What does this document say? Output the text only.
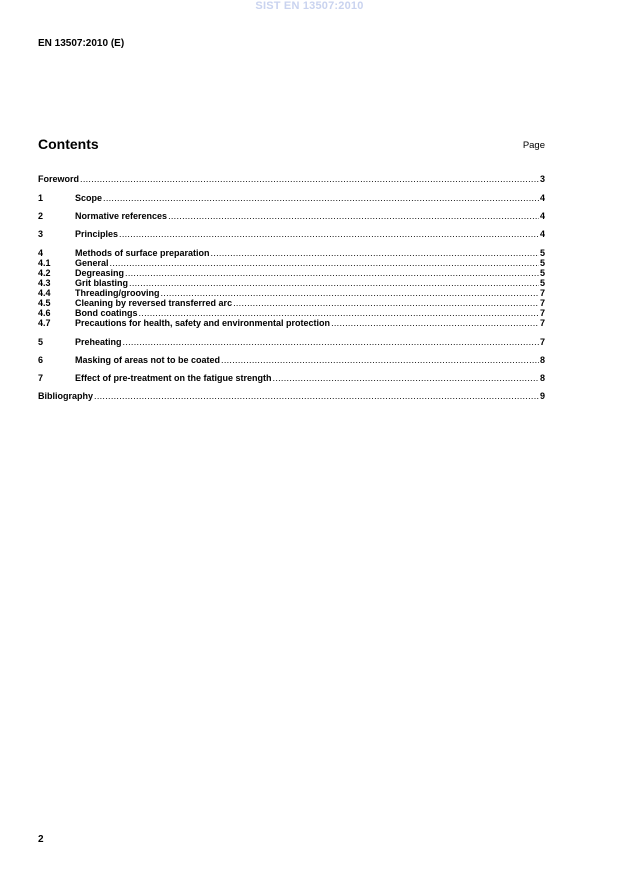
SIST EN 13507:2010
EN 13507:2010 (E)
Contents	Page
Foreword .....	3
1	Scope .....	4
2	Normative references .....	4
3	Principles .....	4
4	Methods of surface preparation .....	5
4.1	General .....	5
4.2	Degreasing .....	5
4.3	Grit blasting .....	5
4.4	Threading/grooving .....	7
4.5	Cleaning by reversed transferred arc .....	7
4.6	Bond coatings .....	7
4.7	Precautions for health, safety and environmental protection .....	7
5	Preheating .....	7
6	Masking of areas not to be coated .....	8
7	Effect of pre-treatment on the fatigue strength .....	8
Bibliography .....	9
2
